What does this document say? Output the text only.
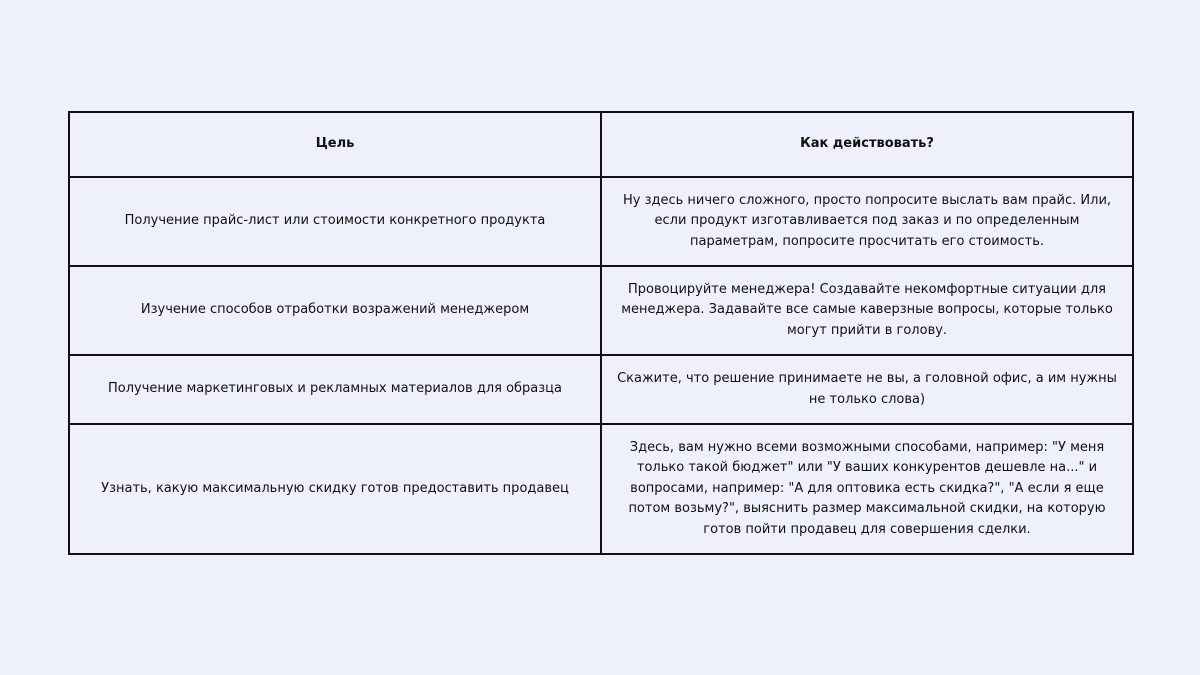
Цель	Как действовать?
Получение прайс-лист или стоимости конкретного продукта	Ну здесь ничего сложного, просто попросите выслать вам прайс. Или, если продукт изготавливается под заказ и по определенным параметрам, попросите просчитать его стоимость.
Изучение способов отработки возражений менеджером	Провоцируйте менеджера! Создавайте некомфортные ситуации для менеджера. Задавайте все самые каверзные вопросы, которые только могут прийти в голову.
Получение маркетинговых и рекламных материалов для образца	Скажите, что решение принимаете не вы, а головной офис, а им нужны не только слова)
Узнать, какую максимальную скидку готов предоставить продавец	Здесь, вам нужно всеми возможными способами, например: "У меня только такой бюджет" или "У ваших конкурентов дешевле на..." и вопросами, например: "А для оптовика есть скидка?", "А если я еще потом возьму?", выяснить размер максимальной скидки, на которую готов пойти продавец для совершения сделки.
